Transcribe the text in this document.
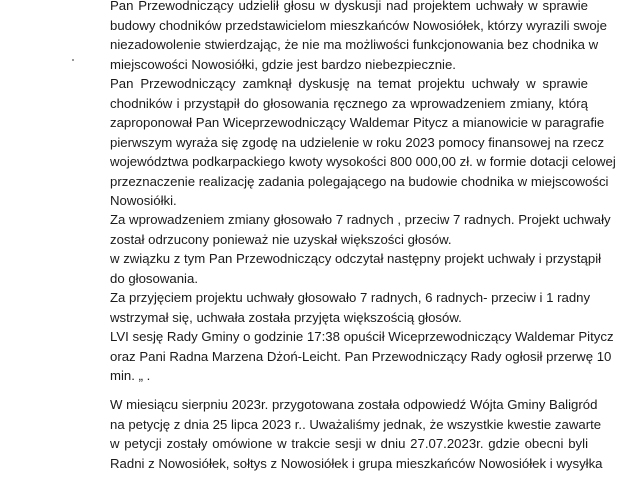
Pan Przewodniczący udzielił głosu w dyskusji nad projektem uchwały w sprawie
budowy chodników przedstawicielom mieszkańców Nowosiółek, którzy wyrazili swoje
niezadowolenie stwierdzając, że nie ma możliwości funkcjonowania bez chodnika w
miejscowości Nowosiółki, gdzie jest bardzo niebezpiecznie.
Pan Przewodniczący zamknął dyskusję na temat projektu uchwały w sprawie
chodników i przystąpił do głosowania ręcznego za wprowadzeniem zmiany, którą
zaproponował Pan Wiceprzewodniczący Waldemar Pitycz a mianowicie w paragrafie
pierwszym wyraża się zgodę na udzielenie w roku 2023 pomocy finansowej na rzecz
województwa podkarpackiego kwoty wysokości 800 000,00 zł. w formie dotacji celowej
przeznaczenie realizację zadania polegającego na budowie chodnika w miejscowości
Nowosiółki.
Za wprowadzeniem zmiany głosowało 7 radnych , przeciw 7 radnych. Projekt uchwały
został odrzucony ponieważ nie uzyskał większości głosów.
w związku z tym Pan Przewodniczący odczytał następny projekt uchwały i przystąpił
do głosowania.
Za przyjęciem projektu uchwały głosowało 7 radnych, 6 radnych- przeciw i 1 radny
wstrzymał się, uchwała została przyjęta większością głosów.
LVI sesję Rady Gminy o godzinie 17:38 opuścił Wiceprzewodniczący Waldemar Pitycz
oraz Pani Radna Marzena Dżoń-Leicht. Pan Przewodniczący Rady ogłosił przerwę 10
min. „ .
W miesiącu sierpniu 2023r. przygotowana została odpowiedź Wójta Gminy Baligród
na petycję z dnia 25 lipca 2023 r.. Uważaliśmy jednak, że wszystkie kwestie zawarte
w petycji zostały omówione w trakcie sesji w dniu 27.07.2023r. gdzie obecni byli
Radni z Nowosiółek, sołtys z Nowosiółek i grupa mieszkańców Nowosiółek i wysyłka
